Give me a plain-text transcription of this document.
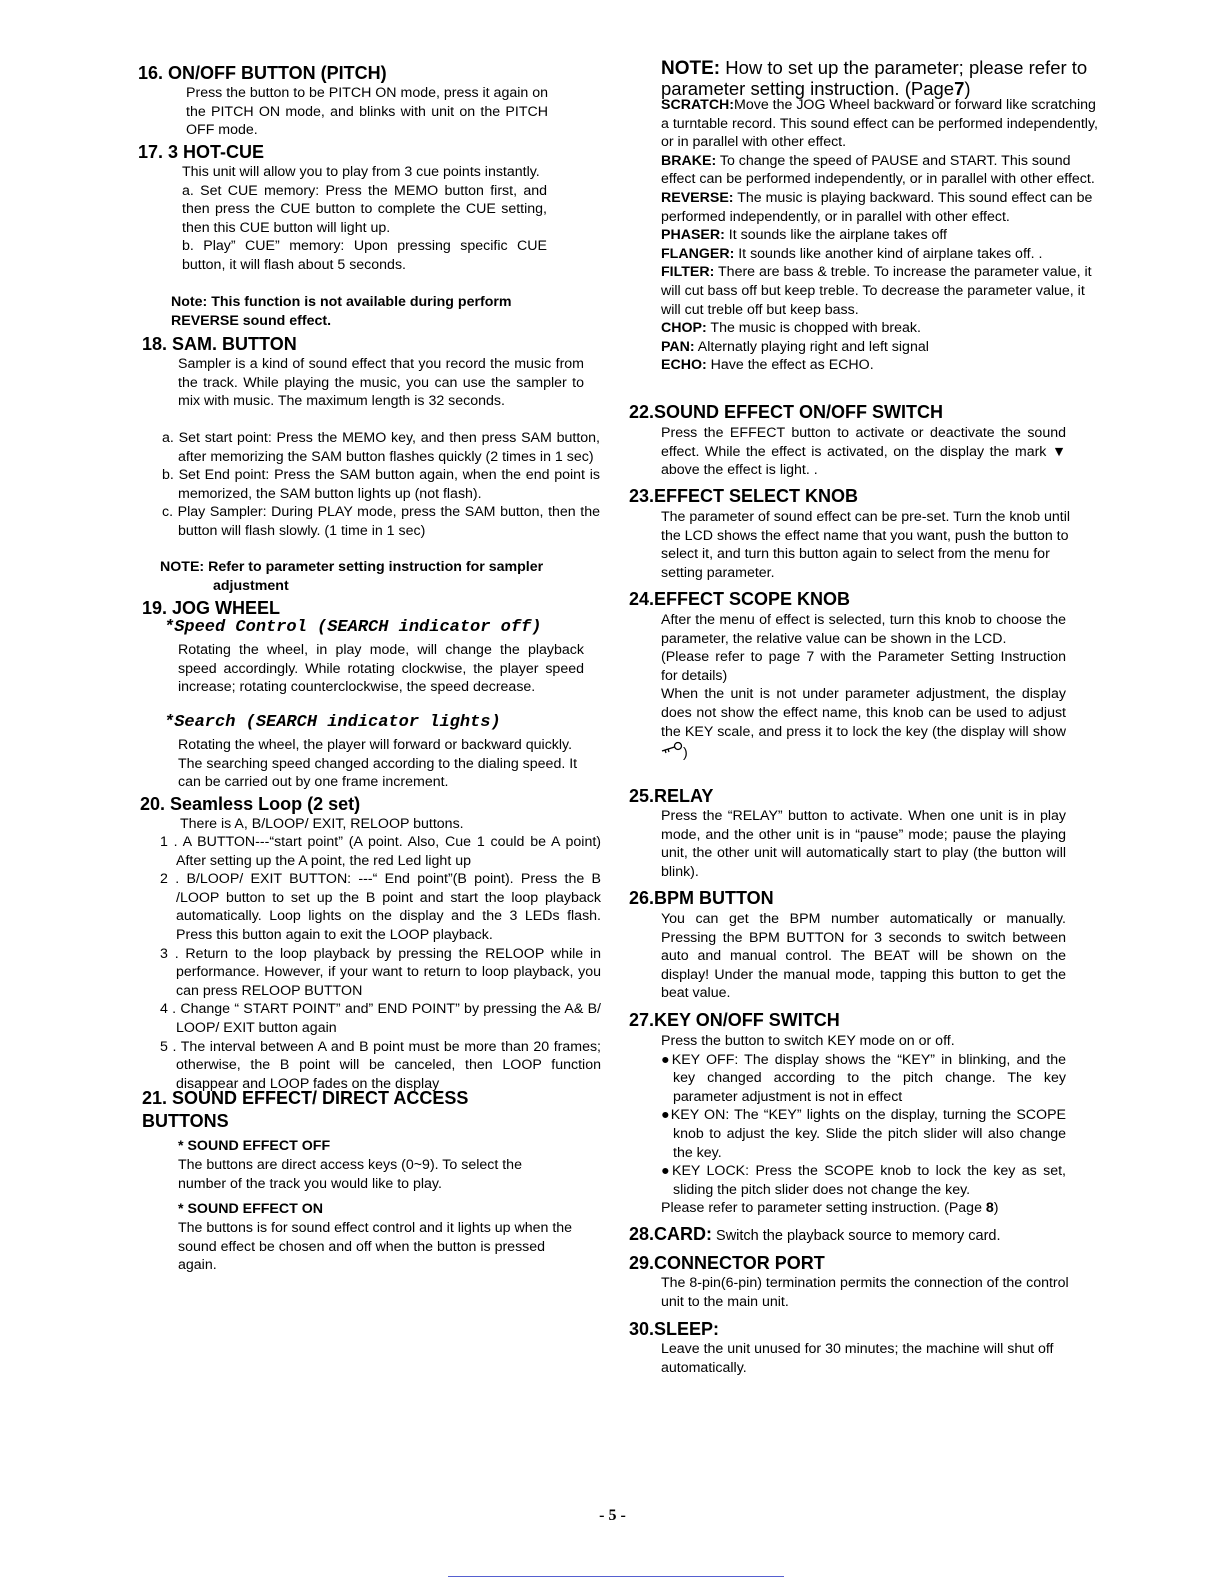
16. ON/OFF BUTTON (PITCH)
Press the button to be PITCH ON mode, press it again on the PITCH ON mode, and blinks with unit on the PITCH OFF mode.
17. 3 HOT-CUE

This unit will allow you to play from 3 cue points instantly.

a. Set CUE memory: Press the MEMO button first, and then press the CUE button to complete the CUE setting, then this CUE button will light up.

b. Play” CUE” memory: Upon pressing specific CUE button, it will flash about 5 seconds.

Note: This function is not available during perform REVERSE sound effect.
18. SAM. BUTTON
Sampler is a kind of sound effect that you record the music from the track. While playing the music, you can use the sampler to mix with music. The maximum length is 32 seconds.

a. Set start point: Press the MEMO key, and then press SAM button, after memorizing the SAM button flashes quickly (2 times in 1 sec)

b. Set End point: Press the SAM button again, when the end point is memorized, the SAM button lights up (not flash).

c. Play Sampler: During PLAY mode, press the SAM button, then the button will flash slowly. (1 time in 1 sec)

NOTE: Refer to parameter setting instruction for sampler

adjustment

19. JOG WHEEL
*Speed Control (SEARCH indicator off)
Rotating the wheel, in play mode, will change the playback speed accordingly. While rotating clockwise, the player speed increase; rotating counterclockwise, the speed decrease.
*Search (SEARCH indicator lights)
Rotating the wheel, the player will forward or backward quickly. The searching speed changed according to the dialing speed. It can be carried out by one frame increment.
20. Seamless Loop (2 set)
There is A, B/LOOP/ EXIT, RELOOP buttons.

1 . A BUTTON---“start point” (A point. Also, Cue 1 could be A point) After setting up the A point, the red Led light up

2 . B/LOOP/ EXIT BUTTON: ---“ End point”(B point). Press the B /LOOP button to set up the B point and start the loop playback automatically. Loop lights on the display and the 3 LEDs flash. Press this button again to exit the LOOP playback.

3 . Return to the loop playback by pressing the RELOOP while in performance. However, if your want to return to loop playback, you can press RELOOP BUTTON

4 . Change “ START POINT” and” END POINT” by pressing the A& B/ LOOP/ EXIT button again

5 . The interval between A and B point must be more than 20 frames; otherwise, the B point will be canceled, then LOOP function disappear and LOOP fades on the display

21. SOUND EFFECT/ DIRECT ACCESS

BUTTONS

* SOUND EFFECT OFF
The buttons are direct access keys (0~9). To select the number of the track you would like to play.
* SOUND EFFECT ON
The buttons is for sound effect control and it lights up when the sound effect be chosen and off when the button is pressed again.
NOTE: How to set up the parameter; please refer to parameter setting instruction. (Page7)

SCRATCH:Move the JOG Wheel backward or forward like scratching a turntable record. This sound effect can be performed independently, or in parallel with other effect.

BRAKE: To change the speed of PAUSE and START. This sound effect can be performed independently, or in parallel with other effect.

REVERSE: The music is playing backward. This sound effect can be performed independently, or in parallel with other effect.

PHASER: It sounds like the airplane takes off

FLANGER: It sounds like another kind of airplane takes off. .

FILTER: There are bass & treble. To increase the parameter value, it will cut bass off but keep treble. To decrease the parameter value, it will cut treble off but keep bass.

CHOP: The music is chopped with break.

PAN: Alternatly playing right and left signal

ECHO: Have the effect as ECHO.

22.SOUND EFFECT ON/OFF SWITCH
Press the EFFECT button to activate or deactivate the sound effect. While the effect is activated, on the display the mark ▼ above the effect is light. .
23.EFFECT SELECT KNOB
The parameter of sound effect can be pre-set. Turn the knob until the LCD shows the effect name that you want, push the button to select it, and turn this button again to select from the menu for setting parameter.
24.EFFECT SCOPE KNOB

After the menu of effect is selected, turn this knob to choose the parameter, the relative value can be shown in the LCD.

(Please refer to page 7 with the Parameter Setting Instruction for details)

When the unit is not under parameter adjustment, the display does not show the effect name, this knob can be used to adjust the KEY scale, and press it to lock the key (the display will show)

25.RELAY
Press the “RELAY” button to activate. When one unit is in play mode, and the other unit is in “pause” mode; pause the playing unit, the other unit will automatically start to play (the button will blink).
26.BPM BUTTON
You can get the BPM number automatically or manually. Pressing the BPM BUTTON for 3 seconds to switch between auto and manual control. The BEAT will be shown on the display! Under the manual mode, tapping this button to get the beat value.
27.KEY ON/OFF SWITCH

Press the button to switch KEY mode on or off.

●KEY OFF: The display shows the “KEY” in blinking, and the key changed according to the pitch change. The key parameter adjustment is not in effect

●KEY ON: The “KEY” lights on the display, turning the SCOPE knob to adjust the key. Slide the pitch slider will also change the key.

●KEY LOCK: Press the SCOPE knob to lock the key as set, sliding the pitch slider does not change the key.

Please refer to parameter setting instruction. (Page 8)

28.CARD: Switch the playback source to memory card.
29.CONNECTOR PORT
The 8-pin(6-pin) termination permits the connection of the control unit to the main unit.
30.SLEEP:
Leave the unit unused for 30 minutes; the machine will shut off automatically.
- 5 -
